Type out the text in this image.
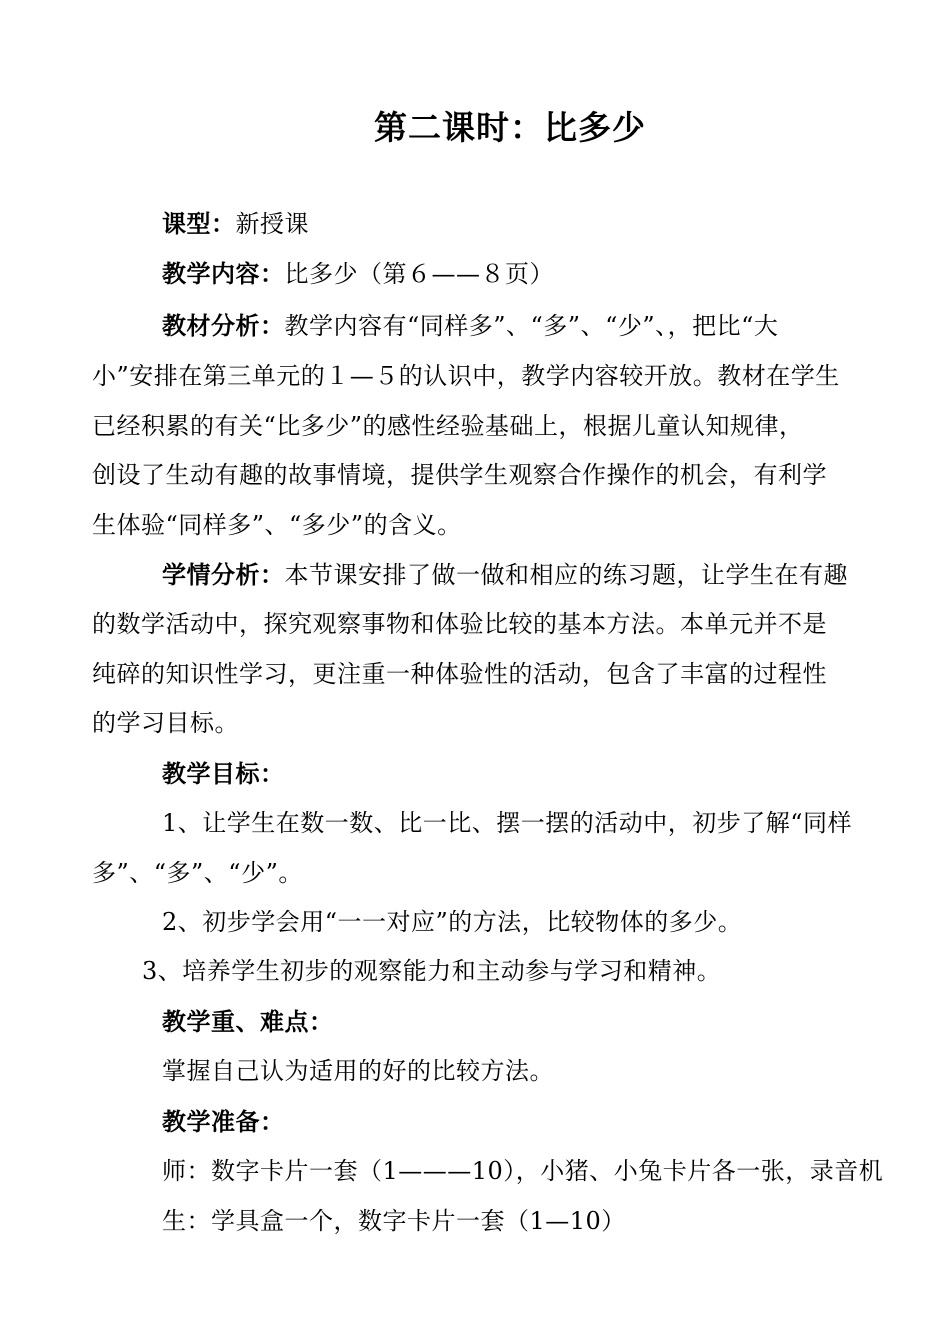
第二课时：比多少
课型：新授课
教学内容：比多少（第６——８页）
教材分析：教学内容有“同样多”、“多”、“少”、，把比“大
小”安排在第三单元的１—５的认识中，教学内容较开放。教材在学生
已经积累的有关“比多少”的感性经验基础上，根据儿童认知规律，
创设了生动有趣的故事情境，提供学生观察合作操作的机会，有利学
生体验“同样多”、“多少”的含义。
学情分析：本节课安排了做一做和相应的练习题，让学生在有趣
的数学活动中，探究观察事物和体验比较的基本方法。本单元并不是
纯碎的知识性学习，更注重一种体验性的活动，包含了丰富的过程性
的学习目标。
教学目标：
1、让学生在数一数、比一比、摆一摆的活动中，初步了解“同样
多”、“多”、“少”。
2、初步学会用“一一对应”的方法，比较物体的多少。
3、培养学生初步的观察能力和主动参与学习和精神。
教学重、难点：
掌握自己认为适用的好的比较方法。
教学准备：
师：数字卡片一套（1———10），小猪、小兔卡片各一张，录音机
生：学具盒一个，数字卡片一套（1—10）
